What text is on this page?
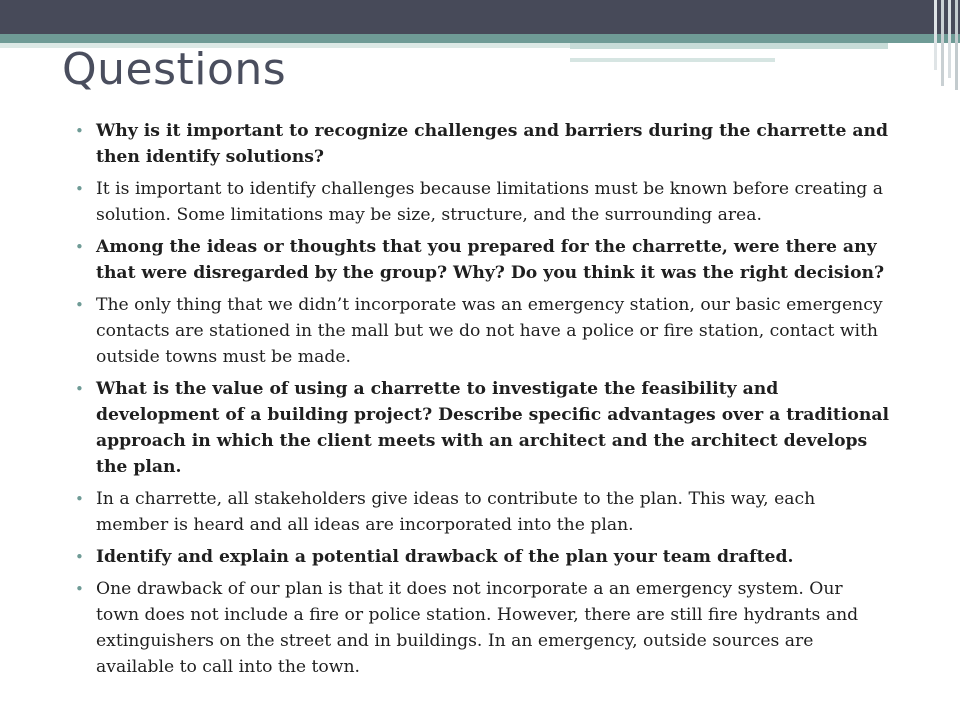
Questions
• Why is it important to recognize challenges and barriers during the charrette and then identify solutions?
• It is important to identify challenges because limitations must be known before creating a solution. Some limitations may be size, structure, and the surrounding area.
• Among the ideas or thoughts that you prepared for the charrette, were there any that were disregarded by the group? Why? Do you think it was the right decision?
• The only thing that we didn’t incorporate was an emergency station, our basic emergency contacts are stationed in the mall but we do not have a police or fire station, contact with outside towns must be made.
• What is the value of using a charrette to investigate the feasibility and development of a building project? Describe specific advantages over a traditional approach in which the client meets with an architect and the architect develops the plan.
• In a charrette, all stakeholders give ideas to contribute to the plan. This way, each member is heard and all ideas are incorporated into the plan.
• Identify and explain a potential drawback of the plan your team drafted.
• One drawback of our plan is that it does not incorporate a an emergency system. Our town does not include a fire or police station. However, there are still fire hydrants and extinguishers on the street and in buildings. In an emergency, outside sources are available to call into the town.
